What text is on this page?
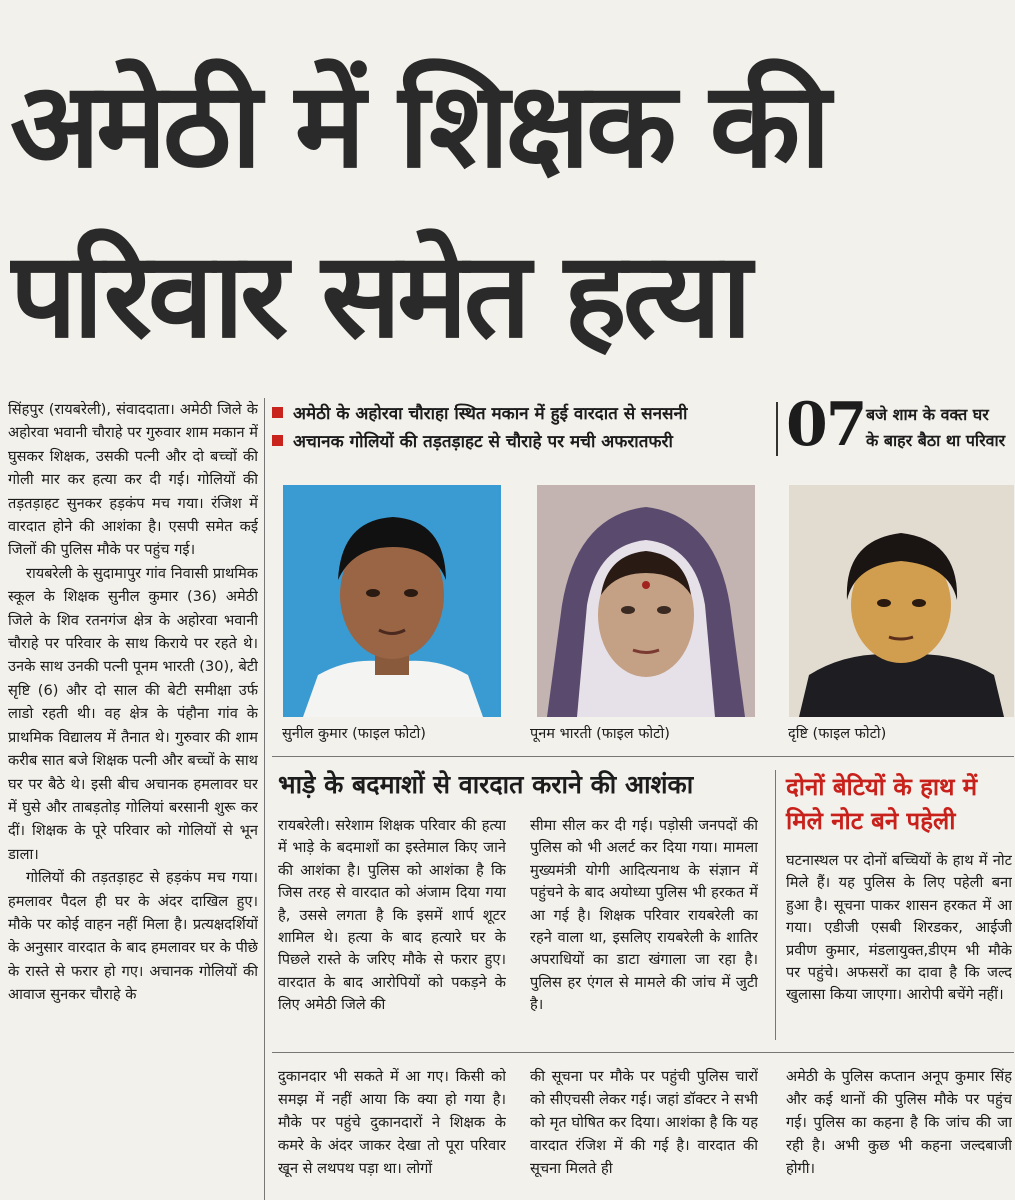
अमेठी में शिक्षक की
परिवार समेत हत्या

सिंहपुर (रायबरेली), संवाददाता। अमेठी जिले के अहोरवा भवानी चौराहे पर गुरुवार शाम मकान में घुसकर शिक्षक, उसकी पत्नी और दो बच्चों की गोली मार कर हत्या कर दी गई। गोलियों की तड़तड़ाहट सुनकर हड़कंप मच गया। रंजिश में वारदात होने की आशंका है। एसपी समेत कई जिलों की पुलिस मौके पर पहुंच गई।

रायबरेली के सुदामापुर गांव निवासी प्राथमिक स्कूल के शिक्षक सुनील कुमार (36) अमेठी जिले के शिव रतनगंज क्षेत्र के अहोरवा भवानी चौराहे पर परिवार के साथ किराये पर रहते थे। उनके साथ उनकी पत्नी पूनम भारती (30), बेटी सृष्टि (6) और दो साल की बेटी समीक्षा उर्फ लाडो रहती थी। वह क्षेत्र के पंहौना गांव के प्राथमिक विद्यालय में तैनात थे। गुरुवार की शाम करीब सात बजे शिक्षक पत्नी और बच्चों के साथ घर पर बैठे थे। इसी बीच अचानक हमलावर घर में घुसे और ताबड़तोड़ गोलियां बरसानी शुरू कर दीं। शिक्षक के पूरे परिवार को गोलियों से भून डाला।

गोलियों की तड़तड़ाहट से हड़कंप मच गया। हमलावर पैदल ही घर के अंदर दाखिल हुए। मौके पर कोई वाहन नहीं मिला है। प्रत्यक्षदर्शियों के अनुसार वारदात के बाद हमलावर घर के पीछे के रास्ते से फरार हो गए। अचानक गोलियों की आवाज सुनकर चौराहे के

अमेठी के अहोरवा चौराहा स्थित मकान में हुई वारदात से सनसनी
अचानक गोलियों की तड़तड़ाहट से चौराहे पर मची अफरातफरी	07 बजे शाम के वक्त घर
के बाहर बैठा था परिवार
सुनील कुमार (फाइल फोटो)	पूनम भारती (फाइल फोटो)	दृष्टि (फाइल फोटो)
भाड़े के बदमाशों से वारदात कराने की आशंका
रायबरेली। सरेशाम शिक्षक परिवार की हत्या में भाड़े के बदमाशों का इस्तेमाल किए जाने की आशंका है। पुलिस को आशंका है कि जिस तरह से वारदात को अंजाम दिया गया है, उससे लगता है कि इसमें शार्प शूटर शामिल थे। हत्या के बाद हत्यारे घर के पिछले रास्ते के जरिए मौके से फरार हुए। वारदात के बाद आरोपियों को पकड़ने के लिए अमेठी जिले की
सीमा सील कर दी गई। पड़ोसी जनपदों की पुलिस को भी अलर्ट कर दिया गया। मामला मुख्यमंत्री योगी आदित्यनाथ के संज्ञान में पहुंचने के बाद अयोध्या पुलिस भी हरकत में आ गई है। शिक्षक परिवार रायबरेली का रहने वाला था, इसलिए रायबरेली के शातिर अपराधियों का डाटा खंगाला जा रहा है। पुलिस हर एंगल से मामले की जांच में जुटी है।
दोनों बेटियों के हाथ में
मिले नोट बने पहेली
घटनास्थल पर दोनों बच्चियों के हाथ में नोट मिले हैं। यह पुलिस के लिए पहेली बना हुआ है। सूचना पाकर शासन हरकत में आ गया। एडीजी एसबी शिरडकर, आईजी प्रवीण कुमार, मंडलायुक्त,डीएम भी मौके पर पहुंचे। अफसरों का दावा है कि जल्द खुलासा किया जाएगा। आरोपी बचेंगे नहीं।
दुकानदार भी सकते में आ गए। किसी को समझ में नहीं आया कि क्या हो गया है। मौके पर पहुंचे दुकानदारों ने शिक्षक के कमरे के अंदर जाकर देखा तो पूरा परिवार खून से लथपथ पड़ा था। लोगों
की सूचना पर मौके पर पहुंची पुलिस चारों को सीएचसी लेकर गई। जहां डॉक्टर ने सभी को मृत घोषित कर दिया। आशंका है कि यह वारदात रंजिश में की गई है। वारदात की सूचना मिलते ही
अमेठी के पुलिस कप्तान अनूप कुमार सिंह और कई थानों की पुलिस मौके पर पहुंच गई। पुलिस का कहना है कि जांच की जा रही है। अभी कुछ भी कहना जल्दबाजी होगी।
